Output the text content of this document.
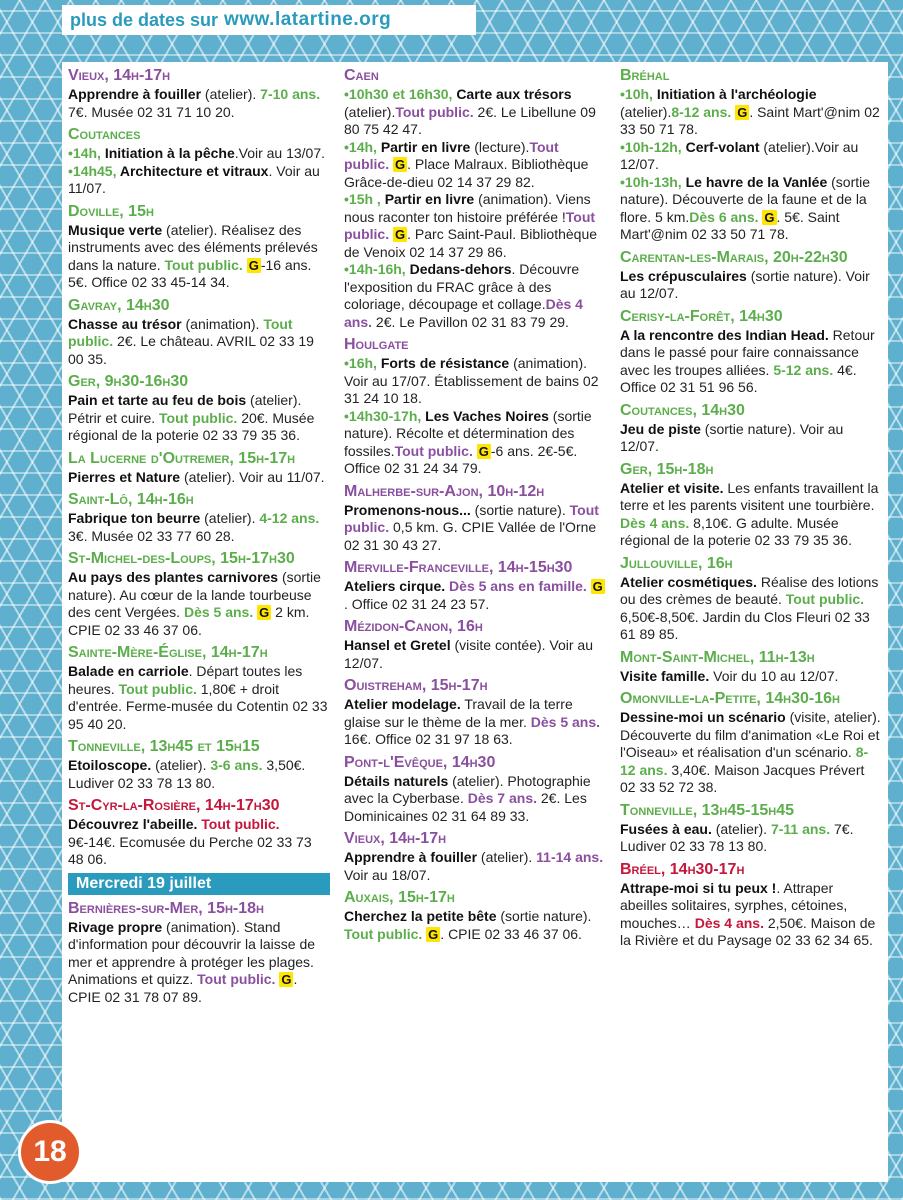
plus de dates sur www.latartine.org
Vieux, 14h-17h
Apprendre à fouiller (atelier). 7-10 ans. 7€. Musée 02 31 71 10 20.
Coutances
•14h, Initiation à la pêche.Voir au 13/07.
•14h45, Architecture et vitraux. Voir au 11/07.
Doville, 15h
Musique verte (atelier). Réalisez des instruments avec des éléments prélevés dans la nature. Tout public. G -16 ans. 5€. Office 02 33 45-14 34.
Gavray, 14h30
Chasse au trésor (animation). Tout public. 2€. Le château. AVRIL 02 33 19 00 35.
Ger, 9h30-16h30
Pain et tarte au feu de bois (atelier). Pétrir et cuire. Tout public. 20€. Musée régional de la poterie 02 33 79 35 36.
La Lucerne d'Outremer, 15h-17h
Pierres et Nature (atelier). Voir au 11/07.
Saint-Lô, 14h-16h
Fabrique ton beurre (atelier). 4-12 ans. 3€. Musée 02 33 77 60 28.
St-Michel-des-Loups, 15h-17h30
Au pays des plantes carnivores (sortie nature). Au cœur de la lande tourbeuse des cent Vergées. Dès 5 ans. G 2 km. CPIE 02 33 46 37 06.
Sainte-Mère-Église, 14h-17h
Balade en carriole. Départ toutes les heures. Tout public. 1,80€ + droit d'entrée. Ferme-musée du Cotentin 02 33 95 40 20.
Tonneville, 13h45 et 15h15
Etoiloscope. (atelier). 3-6 ans. 3,50€. Ludiver 02 33 78 13 80.
St-Cyr-la-Rosière, 14h-17h30
Découvrez l'abeille. Tout public. 9€-14€. Ecomusée du Perche 02 33 73 48 06.
Mercredi 19 juillet
Bernières-sur-Mer, 15h-18h
Rivage propre (animation). Stand d'information pour découvrir la laisse de mer et apprendre à protéger les plages. Animations et quizz. Tout public. G . CPIE 02 31 78 07 89.
Caen
•10h30 et 16h30, Carte aux trésors (atelier).Tout public. 2€. Le Libellune 09 80 75 42 47.
•14h, Partir en livre (lecture).Tout public. G . Place Malraux. Bibliothèque Grâce-de-dieu 02 14 37 29 82.
•15h , Partir en livre (animation). Viens nous raconter ton histoire préférée !Tout public. G . Parc Saint-Paul. Bibliothèque de Venoix 02 14 37 29 86.
•14h-16h, Dedans-dehors. Découvre l'exposition du FRAC grâce à des coloriage, découpage et collage.Dès 4 ans. 2€. Le Pavillon 02 31 83 79 29.
Houlgate
•16h, Forts de résistance (animation). Voir au 17/07. Établissement de bains 02 31 24 10 18.
•14h30-17h, Les Vaches Noires (sortie nature). Récolte et détermination des fossiles.Tout public. G -6 ans. 2€-5€. Office 02 31 24 34 79.
Malherbe-sur-Ajon, 10h-12h
Promenons-nous... (sortie nature). Tout public. 0,5 km. G. CPIE Vallée de l'Orne 02 31 30 43 27.
Merville-Franceville, 14h-15h30
Ateliers cirque. Dès 5 ans en famille. G. Office 02 31 24 23 57.
Mézidon-Canon, 16h
Hansel et Gretel (visite contée). Voir au 12/07.
Ouistreham, 15h-17h
Atelier modelage. Travail de la terre glaise sur le thème de la mer. Dès 5 ans. 16€. Office 02 31 97 18 63.
Pont-l'Evêque, 14h30
Détails naturels (atelier). Photographie avec la Cyberbase. Dès 7 ans. 2€. Les Dominicaines 02 31 64 89 33.
Vieux, 14h-17h
Apprendre à fouiller (atelier). 11-14 ans. Voir au 18/07.
Auxais, 15h-17h
Cherchez la petite bête (sortie nature). Tout public. G . CPIE 02 33 46 37 06.
Bréhal
•10h, Initiation à l'archéologie (atelier).8-12 ans. G . Saint Mart'@nim 02 33 50 71 78.
•10h-12h, Cerf-volant (atelier).Voir au 12/07.
•10h-13h, Le havre de la Vanlée (sortie nature). Découverte de la faune et de la flore. 5 km.Dès 6 ans. G . 5€. Saint Mart'@nim 02 33 50 71 78.
Carentan-les-Marais, 20h-22h30
Les crépusculaires (sortie nature). Voir au 12/07.
Cerisy-la-Forêt, 14h30
A la rencontre des Indian Head. Retour dans le passé pour faire connaissance avec les troupes alliées. 5-12 ans. 4€. Office 02 31 51 96 56.
Coutances, 14h30
Jeu de piste (sortie nature). Voir au 12/07.
Ger, 15h-18h
Atelier et visite. Les enfants travaillent la terre et les parents visitent une tourbière. Dès 4 ans. 8,10€. G adulte. Musée régional de la poterie 02 33 79 35 36.
Jullouville, 16h
Atelier cosmétiques. Réalise des lotions ou des crèmes de beauté. Tout public. 6,50€-8,50€. Jardin du Clos Fleuri 02 33 61 89 85.
Mont-Saint-Michel, 11h-13h
Visite famille. Voir du 10 au 12/07.
Omonville-la-Petite, 14h30-16h
Dessine-moi un scénario (visite, atelier). Découverte du film d'animation «Le Roi et l'Oiseau» et réalisation d'un scénario. 8-12 ans. 3,40€. Maison Jacques Prévert 02 33 52 72 38.
Tonneville, 13h45-15h45
Fusées à eau. (atelier). 7-11 ans. 7€. Ludiver 02 33 78 13 80.
Bréel, 14h30-17h
Attrape-moi si tu peux !. Attraper abeilles solitaires, syrphes, cétoines, mouches… Dès 4 ans. 2,50€. Maison de la Rivière et du Paysage 02 33 62 34 65.
18
